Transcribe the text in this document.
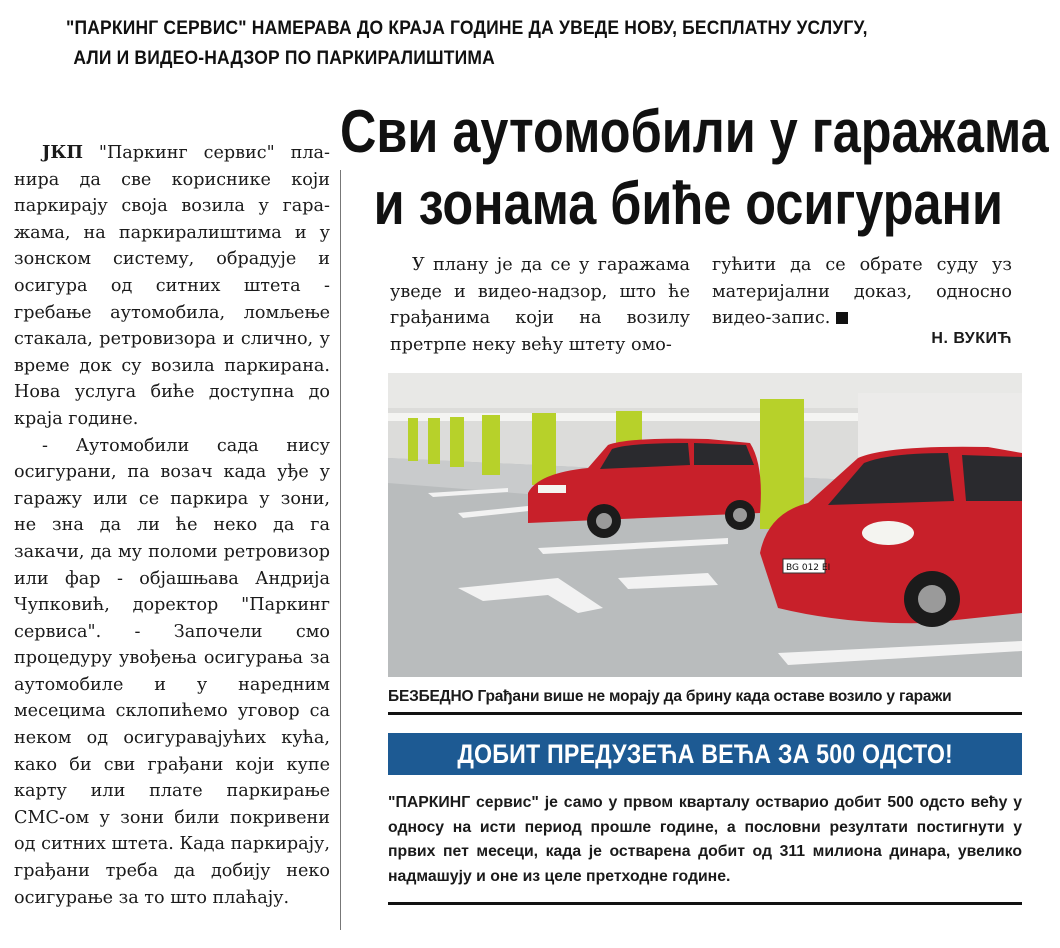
"ПАРКИНГ СЕРВИС" НАМЕРАВА ДО КРАЈА ГОДИНЕ ДА УВЕДЕ НОВУ, БЕСПЛАТНУ УСЛУГУ,
АЛИ И ВИДЕО-НАДЗОР ПО ПАРКИРАЛИШТИМА
Сви аутомобили у гаражама
и зонама биће осигурани

ЈКП "Паркинг сервис" планира да све кориснике који паркирају своја возила у гаражама, на паркиралиштима и у зонском систему, обрадује и осигура од ситних штета - гребање аутомобила, ломљење стакала, ретровизора и слично, у време док су возила паркирана. Нова услуга биће доступна до краја године.

- Аутомобили сада нису осигурани, па возач када уђе у гаражу или се паркира у зони, не зна да ли ће неко да га закачи, да му поломи ретровизор или фар - објашњава Андрија Чупковић, доректор "Паркинг сервиса". - Започели смо процедуру увођења осигурања за аутомобиле и у наредним месецима склопићемо уговор са неком од осигуравајућих кућа, како би сви грађани који купе карту или плате паркирање СМС-ом у зони били покривени од ситних штета. Када паркирају, грађани треба да добију неко осигурање за то што плаћају.

У плану је да се у гаражама уведе и видео-надзор, што ће грађанима који на возилу претрпе неку већу штету омо-

гућити да се обрате суду уз материјални доказ, односно видео-запис.

Н. ВУКИЋ
BG 012 EI
БЕЗБЕДНО Грађани више не морају да брину када оставе возило у гаражи
ДОБИТ ПРЕДУЗЕЋА ВЕЋА ЗА 500 ОДСТО!
"ПАРКИНГ сервис" је само у првом кварталу остварио добит 500 одсто већу у односу на исти период прошле године, а пословни резултати постигнути у првих пет месеци, када је остварена добит од 311 милиона динара, увелико надмашују и оне из целе претходне године.
